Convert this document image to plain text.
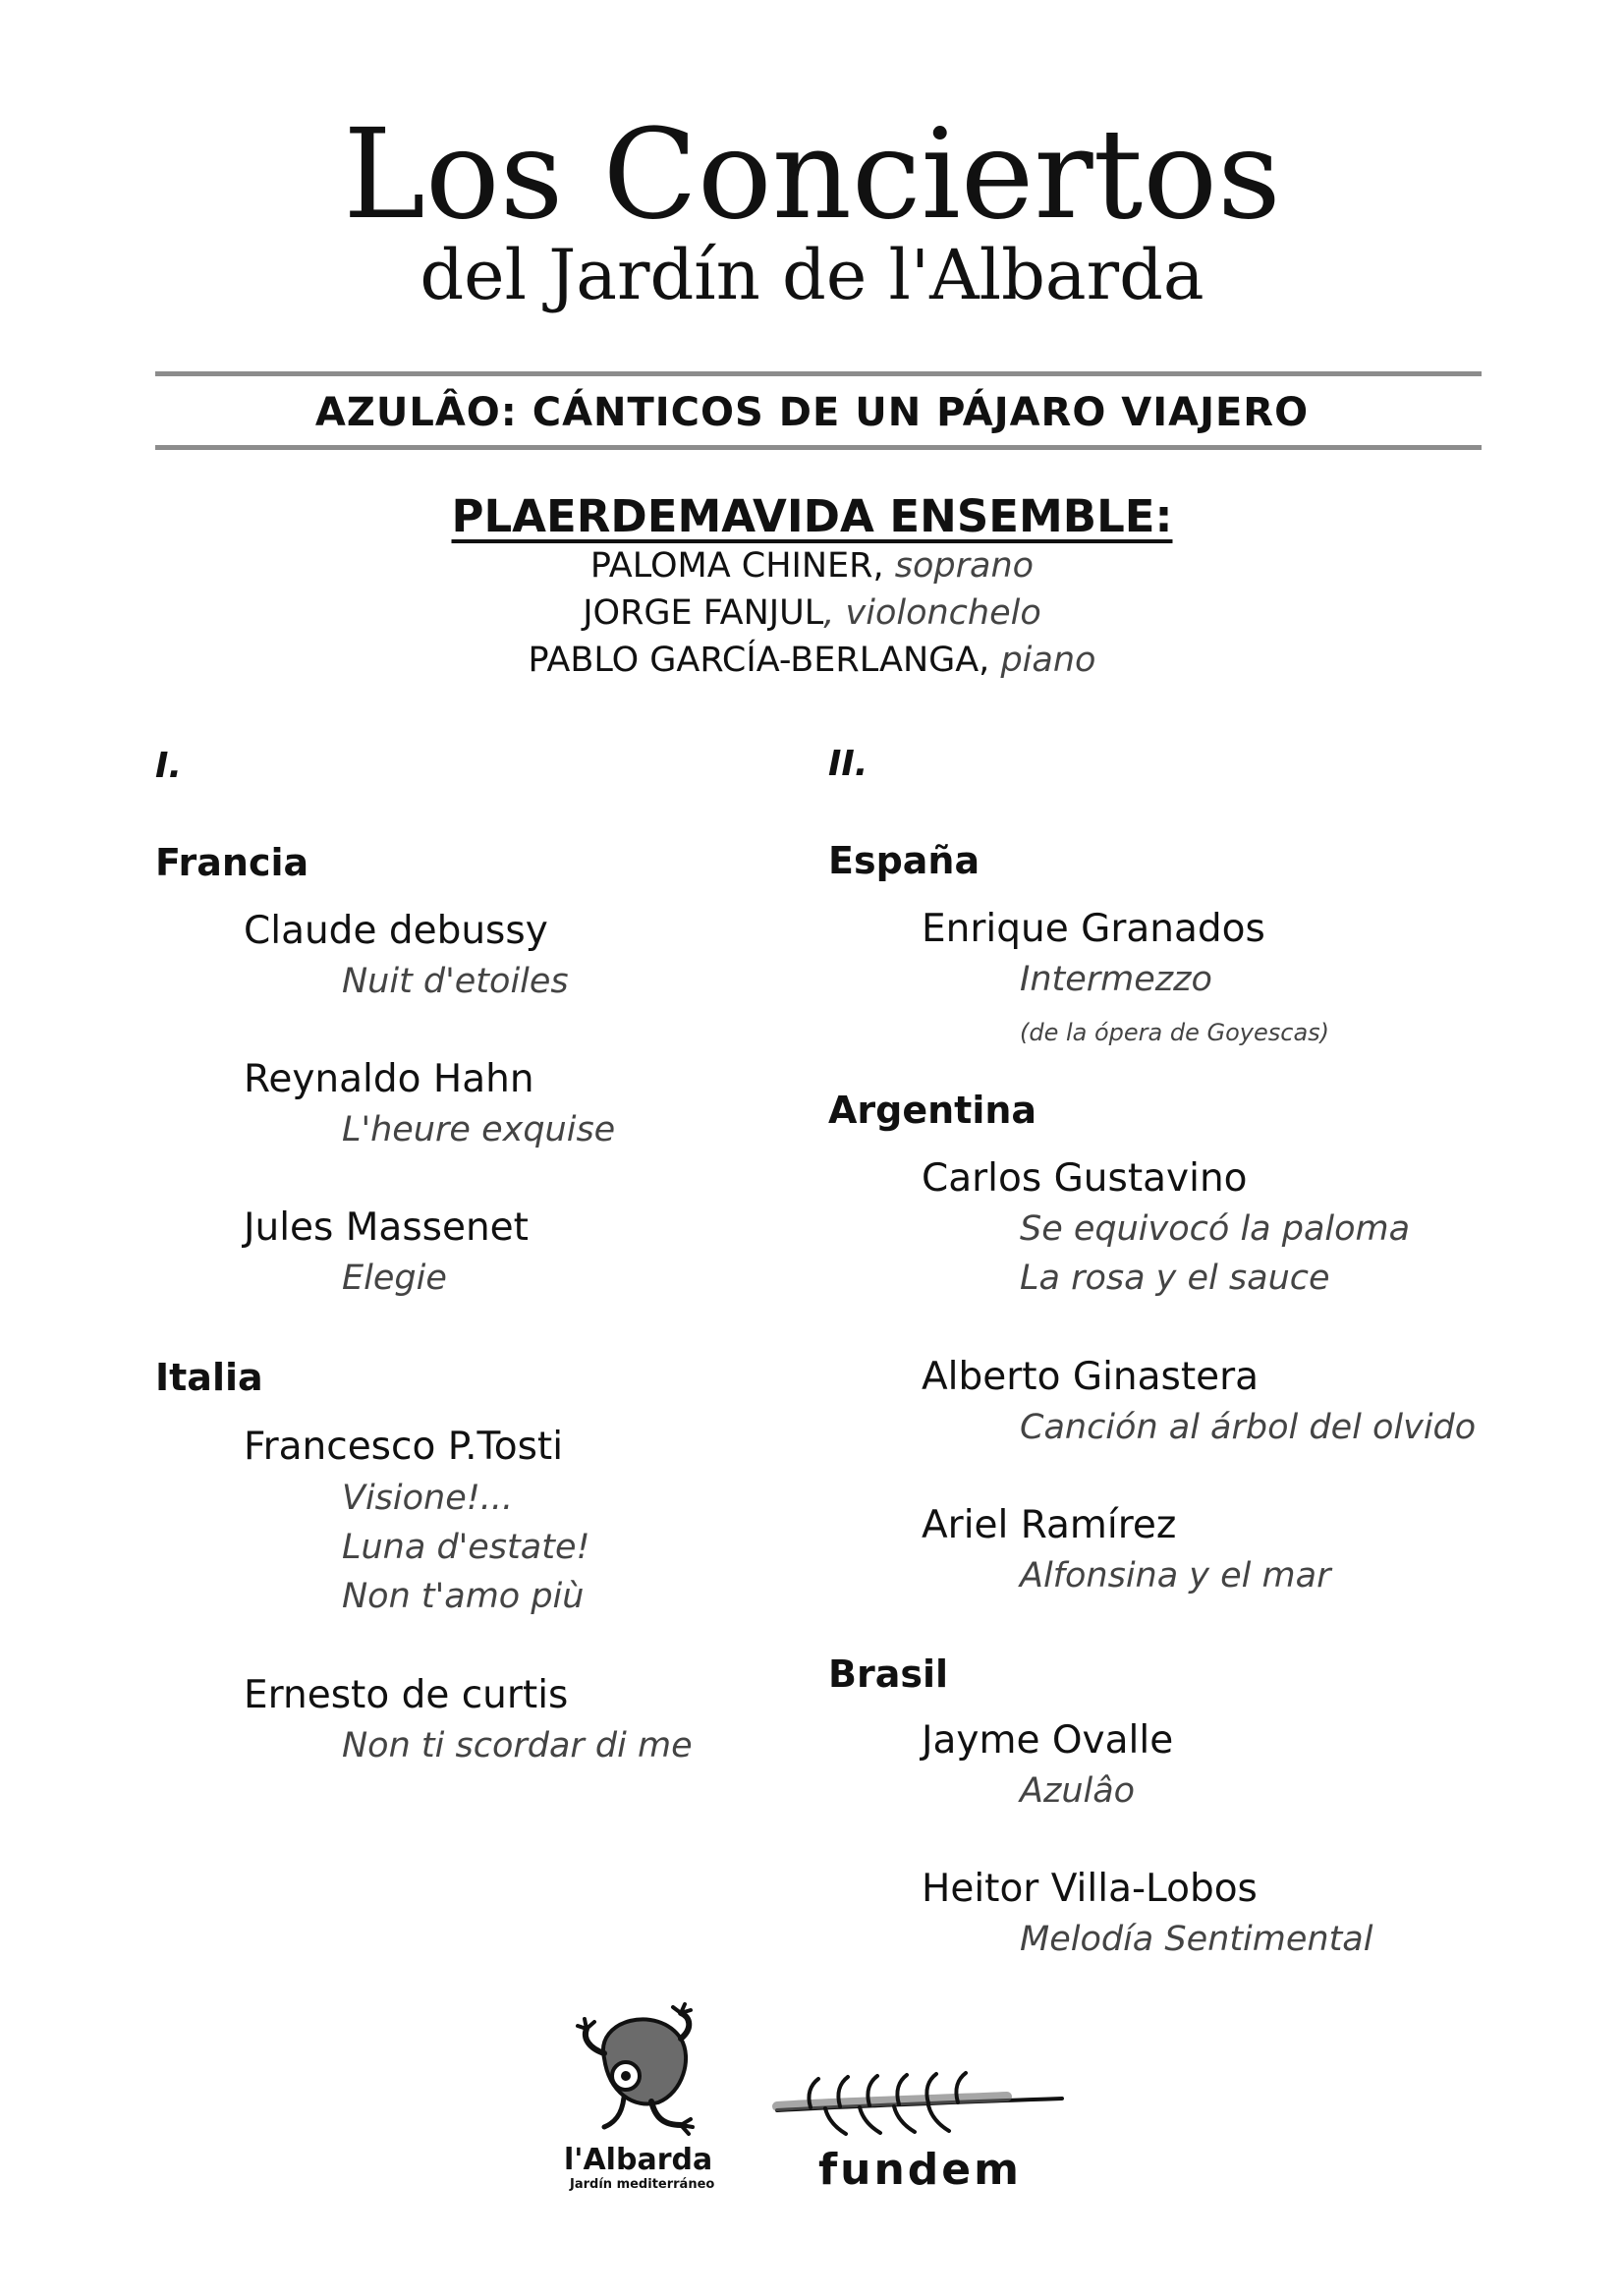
Los Conciertos
del Jardín de l'Albarda
AZULÂO: CÁNTICOS DE UN PÁJARO VIAJERO
PLAERDEMAVIDA ENSEMBLE:
PALOMA CHINER, soprano
JORGE FANJUL, violonchelo
PABLO GARCÍA-BERLANGA, piano
I.
Francia
Claude debussy
Nuit d'etoiles
Reynaldo Hahn
L'heure exquise
Jules Massenet
Elegie
Italia
Francesco P.Tosti
Visione!...
Luna d'estate!
Non t'amo più
Ernesto de curtis
Non ti scordar di me
II.
España
Enrique Granados
Intermezzo
(de la ópera de Goyescas)
Argentina
Carlos Gustavino
Se equivocó la paloma
La rosa y el sauce
Alberto Ginastera
Canción al árbol del olvido
Ariel Ramírez
Alfonsina y el mar
Brasil
Jayme Ovalle
Azulâo
Heitor Villa-Lobos
Melodía Sentimental
l'Albarda
Jardín mediterráneo fundem
